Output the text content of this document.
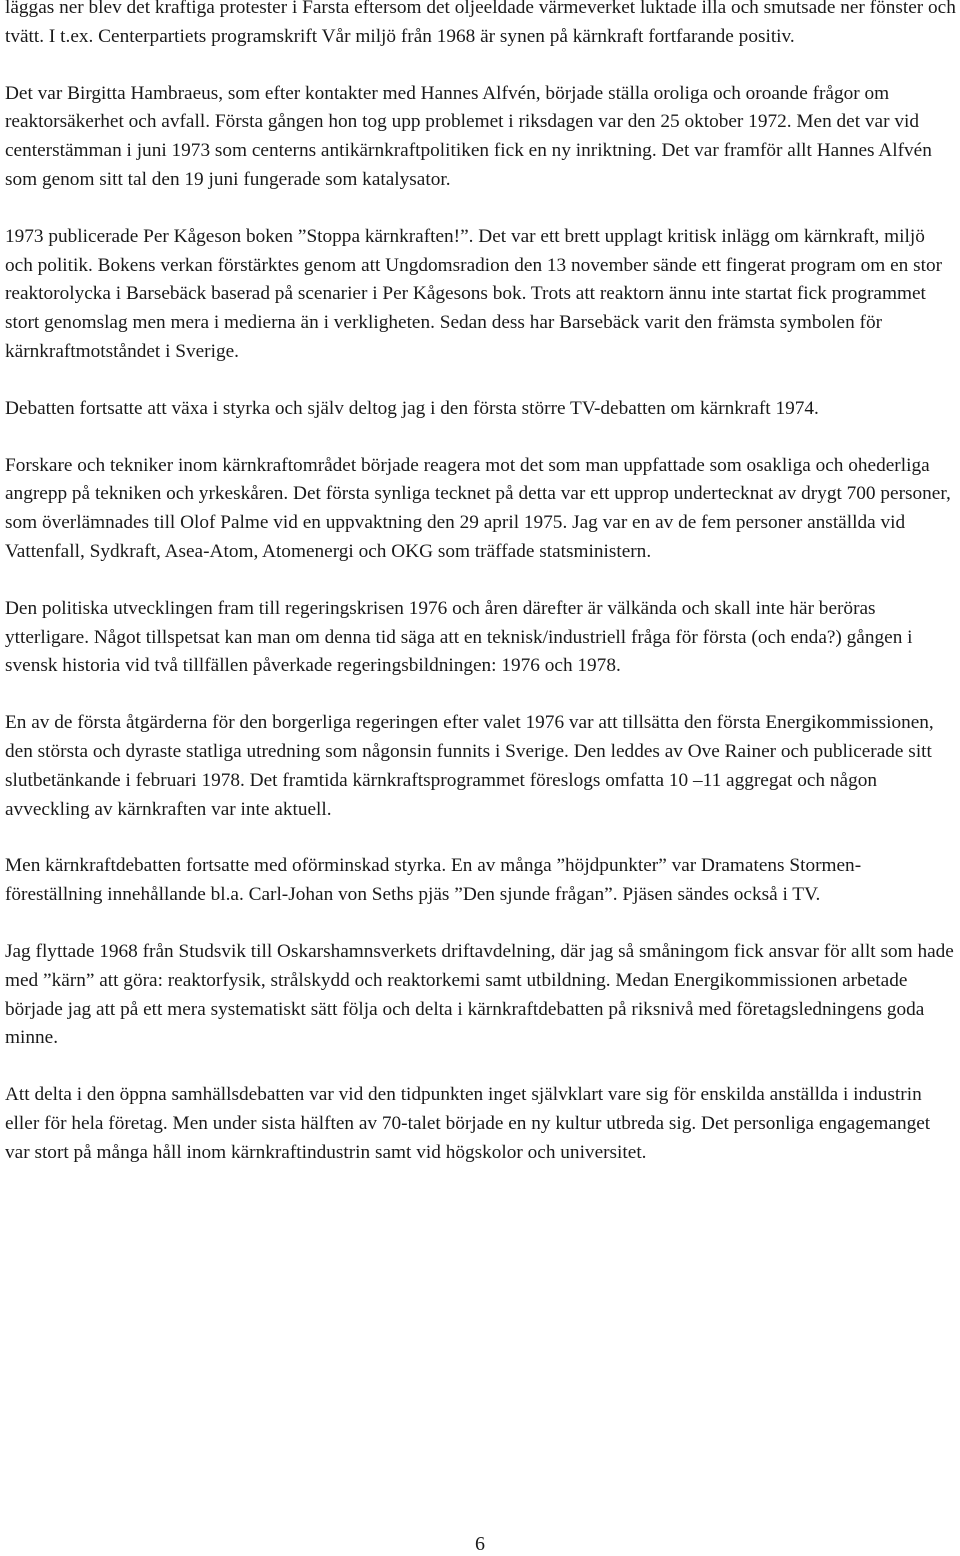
läggas ner blev det kraftiga protester i Farsta eftersom det oljeeldade värmeverket luktade illa och smutsade ner fönster och tvätt. I t.ex. Centerpartiets programskrift Vår miljö från 1968 är synen på kärnkraft fortfarande positiv.

Det var Birgitta Hambraeus, som efter kontakter med Hannes Alfvén, började ställa oroliga och oroande frågor om reaktorsäkerhet och avfall. Första gången hon tog upp problemet i riksdagen var den 25 oktober 1972. Men det var vid centerstämman i juni 1973 som centerns antikärnkraftpolitiken fick en ny inriktning. Det var framför allt Hannes Alfvén som genom sitt tal den 19 juni fungerade som katalysator.

1973 publicerade Per Kågeson boken ”Stoppa kärnkraften!”. Det var ett brett upplagt kritisk inlägg om kärnkraft, miljö och politik. Bokens verkan förstärktes genom att Ungdomsradion den 13 november sände ett fingerat program om en stor reaktorolycka i Barsebäck baserad på scenarier i Per Kågesons bok. Trots att reaktorn ännu inte startat fick programmet stort genomslag men mera i medierna än i verkligheten. Sedan dess har Barsebäck varit den främsta symbolen för kärnkraftmotståndet i Sverige.

Debatten fortsatte att växa i styrka och själv deltog jag i den första större TV-debatten om kärnkraft 1974.

Forskare och tekniker inom kärnkraftområdet började reagera mot det som man uppfattade som osakliga och ohederliga angrepp på tekniken och yrkeskåren. Det första synliga tecknet på detta var ett upprop undertecknat av drygt 700 personer, som överlämnades till Olof Palme vid en uppvaktning den 29 april 1975. Jag var en av de fem personer anställda vid Vattenfall, Sydkraft, Asea-Atom, Atomenergi och OKG som träffade statsministern.

Den politiska utvecklingen fram till regeringskrisen 1976 och åren därefter är välkända och skall inte här beröras ytterligare. Något tillspetsat kan man om denna tid säga att en teknisk/industriell fråga för första (och enda?) gången i svensk historia vid två tillfällen påverkade regeringsbildningen: 1976 och 1978.

En av de första åtgärderna för den borgerliga regeringen efter valet 1976 var att tillsätta den första Energikommissionen, den största och dyraste statliga utredning som någonsin funnits i Sverige. Den leddes av Ove Rainer och publicerade sitt slutbetänkande i februari 1978. Det framtida kärnkraftsprogrammet föreslogs omfatta 10 –11 aggregat och någon avveckling av kärnkraften var inte aktuell.

Men kärnkraftdebatten fortsatte med oförminskad styrka. En av många ”höjdpunkter” var Dramatens Stormen-föreställning innehållande bl.a. Carl-Johan von Seths pjäs ”Den sjunde frågan”. Pjäsen sändes också i TV.

Jag flyttade 1968 från Studsvik till Oskarshamnsverkets driftavdelning, där jag så småningom fick ansvar för allt som hade med ”kärn” att göra: reaktorfysik, strålskydd och reaktorkemi samt utbildning. Medan Energikommissionen arbetade började jag att på ett mera systematiskt sätt följa och delta i kärnkraftdebatten på riksnivå med företagsledningens goda minne.

Att delta i den öppna samhällsdebatten var vid den tidpunkten inget självklart vare sig för enskilda anställda i industrin eller för hela företag. Men under sista hälften av 70-talet började en ny kultur utbreda sig. Det personliga engagemanget var stort på många håll inom kärnkraftindustrin samt vid högskolor och universitet.

6
